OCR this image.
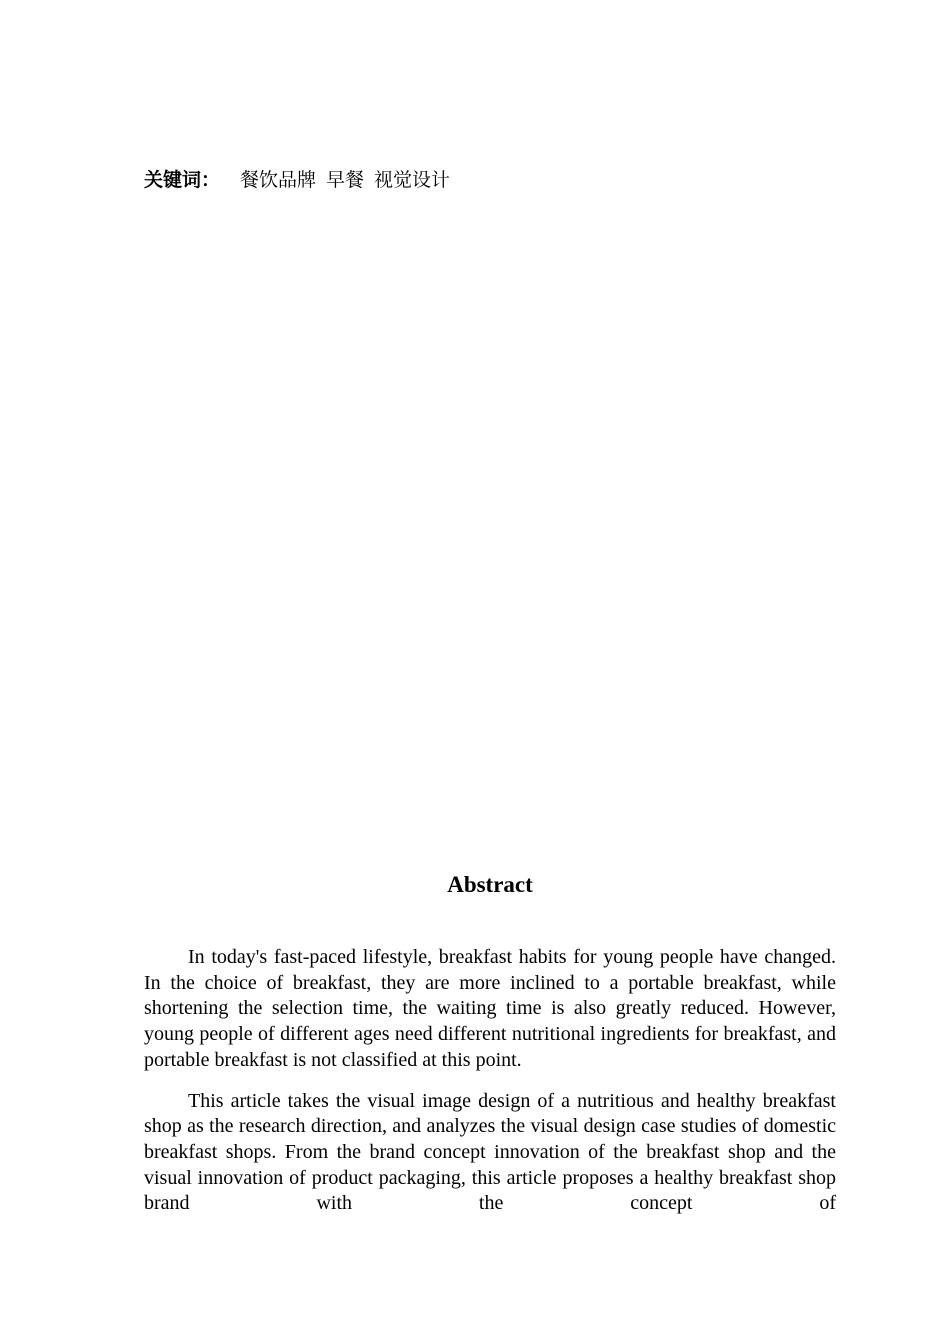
关键词： 餐饮品牌 早餐 视觉设计
Abstract

In today's fast-paced lifestyle, breakfast habits for young people have changed. In the choice of breakfast, they are more inclined to a portable breakfast, while shortening the selection time, the waiting time is also greatly reduced. However, young people of different ages need different nutritional ingredients for breakfast, and portable breakfast is not classified at this point.

This article takes the visual image design of a nutritious and healthy breakfast shop as the research direction, and analyzes the visual design case studies of domestic breakfast shops. From the brand concept innovation of the breakfast shop and the visual innovation of product packaging, this article proposes a healthy breakfast shop brand with the concept of
